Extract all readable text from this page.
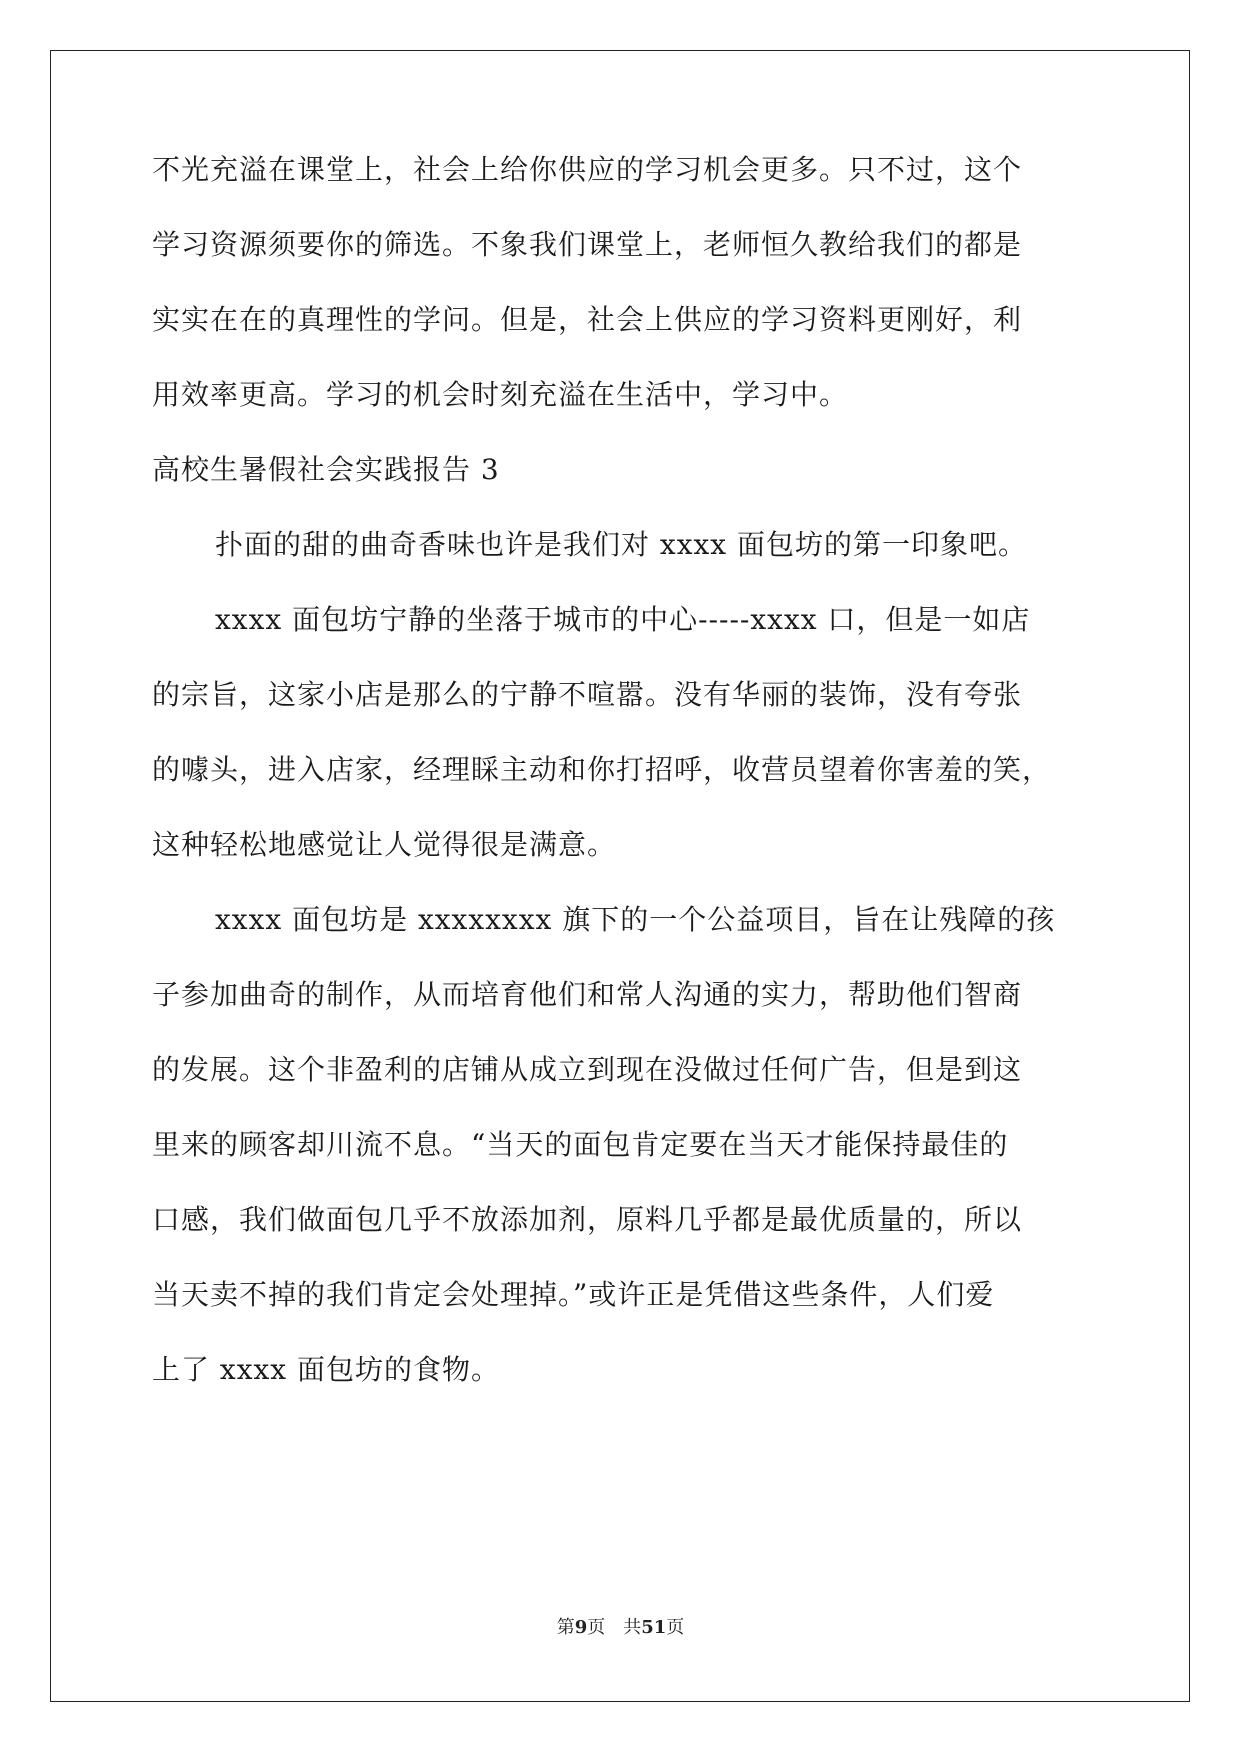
不光充溢在课堂上，社会上给你供应的学习机会更多。只不过，这个
学习资源须要你的筛选。不象我们课堂上，老师恒久教给我们的都是
实实在在的真理性的学问。但是，社会上供应的学习资料更刚好，利
用效率更高。学习的机会时刻充溢在生活中，学习中。
高校生暑假社会实践报告 3
扑面的甜的曲奇香味也许是我们对 xxxx 面包坊的第一印象吧。
xxxx 面包坊宁静的坐落于城市的中心-----xxxx 口，但是一如店
的宗旨，这家小店是那么的宁静不喧嚣。没有华丽的装饰，没有夸张
的噱头，进入店家，经理睬主动和你打招呼，收营员望着你害羞的笑，
这种轻松地感觉让人觉得很是满意。
xxxx 面包坊是 xxxxxxxx 旗下的一个公益项目，旨在让残障的孩
子参加曲奇的制作，从而培育他们和常人沟通的实力，帮助他们智商
的发展。这个非盈利的店铺从成立到现在没做过任何广告，但是到这
里来的顾客却川流不息。“当天的面包肯定要在当天才能保持最佳的
口感，我们做面包几乎不放添加剂，原料几乎都是最优质量的，所以
当天卖不掉的我们肯定会处理掉。”或许正是凭借这些条件，人们爱
上了 xxxx 面包坊的食物。
第9页　共51页
